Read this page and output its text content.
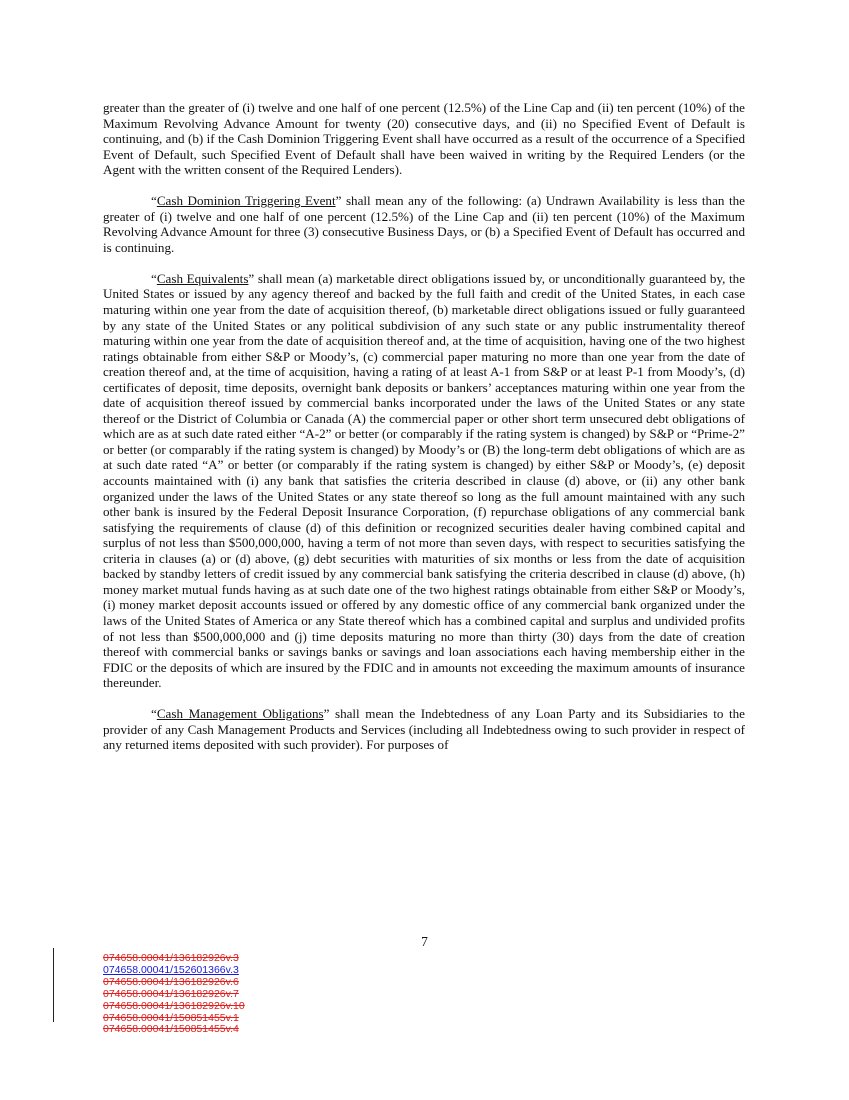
greater than the greater of (i) twelve and one half of one percent (12.5%) of the Line Cap and (ii) ten percent (10%) of the Maximum Revolving Advance Amount for twenty (20) consecutive days, and (ii) no Specified Event of Default is continuing, and (b) if the Cash Dominion Triggering Event shall have occurred as a result of the occurrence of a Specified Event of Default, such Specified Event of Default shall have been waived in writing by the Required Lenders (or the Agent with the written consent of the Required Lenders).

“Cash Dominion Triggering Event” shall mean any of the following: (a) Undrawn Availability is less than the greater of (i) twelve and one half of one percent (12.5%) of the Line Cap and (ii) ten percent (10%) of the Maximum Revolving Advance Amount for three (3) consecutive Business Days, or (b) a Specified Event of Default has occurred and is continuing.

“Cash Equivalents” shall mean (a) marketable direct obligations issued by, or unconditionally guaranteed by, the United States or issued by any agency thereof and backed by the full faith and credit of the United States, in each case maturing within one year from the date of acquisition thereof, (b) marketable direct obligations issued or fully guaranteed by any state of the United States or any political subdivision of any such state or any public instrumentality thereof maturing within one year from the date of acquisition thereof and, at the time of acquisition, having one of the two highest ratings obtainable from either S&P or Moody’s, (c) commercial paper maturing no more than one year from the date of creation thereof and, at the time of acquisition, having a rating of at least A-1 from S&P or at least P-1 from Moody’s, (d) certificates of deposit, time deposits, overnight bank deposits or bankers’ acceptances maturing within one year from the date of acquisition thereof issued by commercial banks incorporated under the laws of the United States or any state thereof or the District of Columbia or Canada (A) the commercial paper or other short term unsecured debt obligations of which are as at such date rated either “A-2” or better (or comparably if the rating system is changed) by S&P or “Prime-2” or better (or comparably if the rating system is changed) by Moody’s or (B) the long-term debt obligations of which are as at such date rated “A” or better (or comparably if the rating system is changed) by either S&P or Moody’s, (e) deposit accounts maintained with (i) any bank that satisfies the criteria described in clause (d) above, or (ii) any other bank organized under the laws of the United States or any state thereof so long as the full amount maintained with any such other bank is insured by the Federal Deposit Insurance Corporation, (f) repurchase obligations of any commercial bank satisfying the requirements of clause (d) of this definition or recognized securities dealer having combined capital and surplus of not less than $500,000,000, having a term of not more than seven days, with respect to securities satisfying the criteria in clauses (a) or (d) above, (g) debt securities with maturities of six months or less from the date of acquisition backed by standby letters of credit issued by any commercial bank satisfying the criteria described in clause (d) above, (h) money market mutual funds having as at such date one of the two highest ratings obtainable from either S&P or Moody’s, (i) money market deposit accounts issued or offered by any domestic office of any commercial bank organized under the laws of the United States of America or any State thereof which has a combined capital and surplus and undivided profits of not less than $500,000,000 and (j) time deposits maturing no more than thirty (30) days from the date of creation thereof with commercial banks or savings banks or savings and loan associations each having membership either in the FDIC or the deposits of which are insured by the FDIC and in amounts not exceeding the maximum amounts of insurance thereunder.

“Cash Management Obligations” shall mean the Indebtedness of any Loan Party and its Subsidiaries to the provider of any Cash Management Products and Services (including all Indebtedness owing to such provider in respect of any returned items deposited with such provider). For purposes of

7
074658.00041/136182926v.3
074658.00041/152601366v.3
074658.00041/136182926v.6
074658.00041/136182926v.7
074658.00041/136182926v.10
074658.00041/150851455v.1
074658.00041/150851455v.4
